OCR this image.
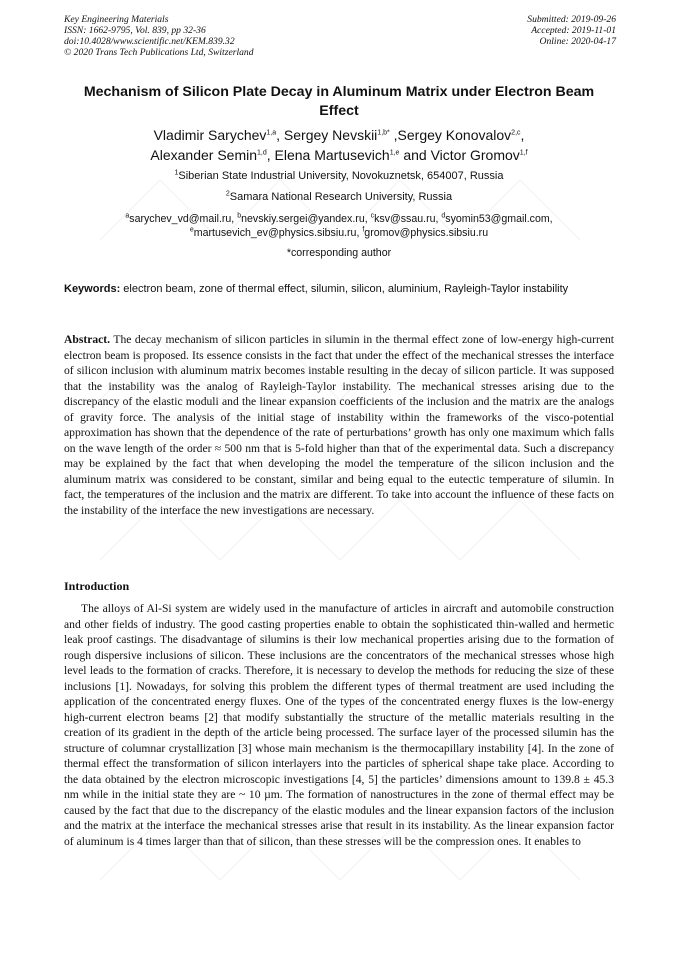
Key Engineering Materials
ISSN: 1662-9795, Vol. 839, pp 32-36
doi:10.4028/www.scientific.net/KEM.839.32
© 2020 Trans Tech Publications Ltd, Switzerland
Submitted: 2019-09-26
Accepted: 2019-11-01
Online: 2020-04-17
Mechanism of Silicon Plate Decay in Aluminum Matrix under Electron Beam Effect
Vladimir Sarychev$^{1,a}$, Sergey Nevskii$^{1,b*}$ ,Sergey Konovalov$^{2,c}$,
Alexander Semin$^{1,d}$, Elena Martusevich$^{1,e}$ and Victor Gromov$^{1,f}$
$^1$Siberian State Industrial University, Novokuznetsk, 654007, Russia
$^2$Samara National Research University, Russia
$^a$sarychev_vd@mail.ru, $^b$nevskiy.sergei@yandex.ru, $^c$ksv@ssau.ru, $^d$syomin53@gmail.com,
$^e$martusevich_ev@physics.sibsiu.ru, $^f$gromov@physics.sibsiu.ru
*corresponding author
Keywords: electron beam, zone of thermal effect, silumin, silicon, aluminium, Rayleigh-Taylor instability
Abstract. The decay mechanism of silicon particles in silumin in the thermal effect zone of low-energy high-current electron beam is proposed. Its essence consists in the fact that under the effect of the mechanical stresses the interface of silicon inclusion with aluminum matrix becomes instable resulting in the decay of silicon particle. It was supposed that the instability was the analog of Rayleigh-Taylor instability. The mechanical stresses arising due to the discrepancy of the elastic moduli and the linear expansion coefficients of the inclusion and the matrix are the analogs of gravity force. The analysis of the initial stage of instability within the frameworks of the visco-potential approximation has shown that the dependence of the rate of perturbations’ growth has only one maximum which falls on the wave length of the order ≈ 500 nm that is 5-fold higher than that of the experimental data. Such a discrepancy may be explained by the fact that when developing the model the temperature of the silicon inclusion and the aluminum matrix was considered to be constant, similar and being equal to the eutectic temperature of silumin. In fact, the temperatures of the inclusion and the matrix are different. To take into account the influence of these facts on the instability of the interface the new investigations are necessary.
Introduction

The alloys of Al-Si system are widely used in the manufacture of articles in aircraft and automobile construction and other fields of industry. The good casting properties enable to obtain the sophisticated thin-walled and hermetic leak proof castings. The disadvantage of silumins is their low mechanical properties arising due to the formation of rough dispersive inclusions of silicon. These inclusions are the concentrators of the mechanical stresses whose high level leads to the formation of cracks. Therefore, it is necessary to develop the methods for reducing the size of these inclusions [1]. Nowadays, for solving this problem the different types of thermal treatment are used including the application of the concentrated energy fluxes. One of the types of the concentrated energy fluxes is the low-energy high-current electron beams [2] that modify substantially the structure of the metallic materials resulting in the creation of its gradient in the depth of the article being processed. The surface layer of the processed silumin has the structure of columnar crystallization [3] whose main mechanism is the thermocapillary instability [4]. In the zone of thermal effect the transformation of silicon interlayers into the particles of spherical shape take place. According to the data obtained by the electron microscopic investigations [4, 5] the particles’ dimensions amount to 139.8 ± 45.3 nm while in the initial state they are ~ 10 µm. The formation of nanostructures in the zone of thermal effect may be caused by the fact that due to the discrepancy of the elastic modules and the linear expansion factors of the inclusion and the matrix at the interface the mechanical stresses arise that result in its instability. As the linear expansion factor of aluminum is 4 times larger than that of silicon, than these stresses will be the compression ones. It enables to
